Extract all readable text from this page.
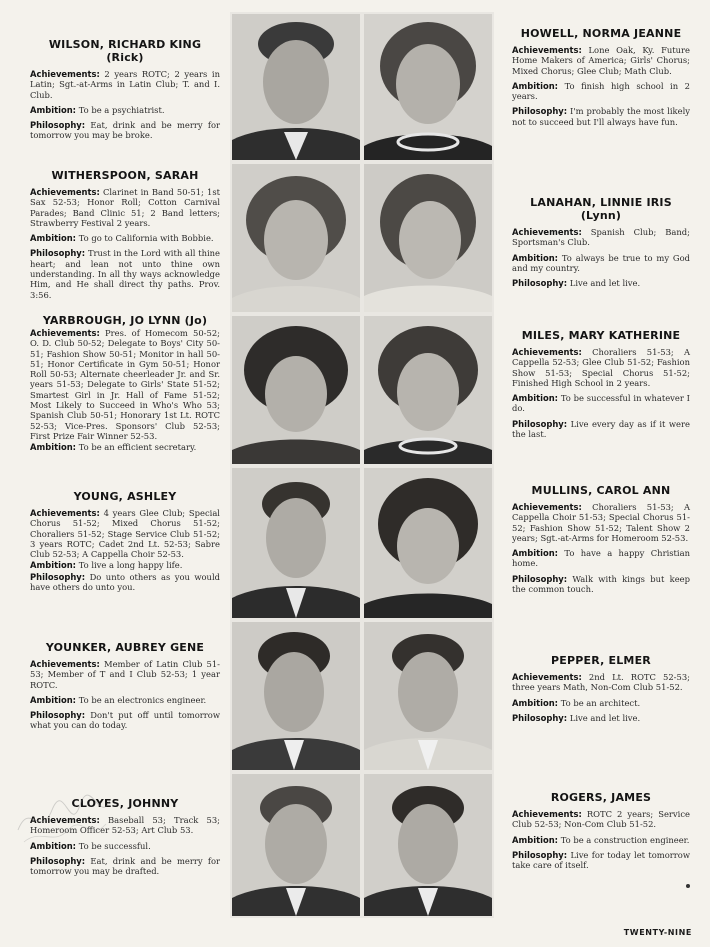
WILSON, RICHARD KING
(Rick)
Achievements: 2 years ROTC; 2 years in Latin; Sgt.-at-Arms in Latin Club; T. and I. Club.
Ambition: To be a psychiatrist.
Philosophy: Eat, drink and be merry for tomorrow you may be broke.
WITHERSPOON, SARAH
Achievements: Clarinet in Band 50-51; 1st Sax 52-53; Honor Roll; Cotton Carnival Parades; Band Clinic 51; 2 Band letters; Strawberry Festival 2 years.
Ambition: To go to California with Bobbie.
Philosophy: Trust in the Lord with all thine heart; and lean not unto thine own understanding. In all thy ways acknowledge Him, and He shall direct thy paths. Prov. 3:56.
YARBROUGH, JO LYNN (Jo)
Achievements: Pres. of Homecom 50-52; O. D. Club 50-52; Delegate to Boys' City 50-51; Fashion Show 50-51; Monitor in hall 50-51; Honor Certificate in Gym 50-51; Honor Roll 50-53; Alternate cheerleader Jr. and Sr. years 51-53; Delegate to Girls' State 51-52; Smartest Girl in Jr. Hall of Fame 51-52; Most Likely to Succeed in Who's Who 53; Spanish Club 50-51; Honorary 1st Lt. ROTC 52-53; Vice-Pres. Sponsors' Club 52-53; First Prize Fair Winner 52-53.
Ambition: To be an efficient secretary.
YOUNG, ASHLEY
Achievements: 4 years Glee Club; Special Chorus 51-52; Mixed Chorus 51-52; Choraliers 51-52; Stage Service Club 51-52; 3 years ROTC; Cadet 2nd Lt. 52-53; Sabre Club 52-53; A Cappella Choir 52-53.
Ambition: To live a long happy life.
Philosophy: Do unto others as you would have others do unto you.
YOUNKER, AUBREY GENE
Achievements: Member of Latin Club 51-53; Member of T and I Club 52-53; 1 year ROTC.
Ambition: To be an electronics engineer.
Philosophy: Don't put off until tomorrow what you can do today.
CLOYES, JOHNNY
Achievements: Baseball 53; Track 53; Homeroom Officer 52-53; Art Club 53.
Ambition: To be successful.
Philosophy: Eat, drink and be merry for tomorrow you may be drafted.
HOWELL, NORMA JEANNE
Achievements: Lone Oak, Ky. Future Home Makers of America; Girls' Chorus; Mixed Chorus; Glee Club; Math Club.
Ambition: To finish high school in 2 years.
Philosophy: I'm probably the most likely not to succeed but I'll always have fun.
LANAHAN, LINNIE IRIS (Lynn)
Achievements: Spanish Club; Band; Sportsman's Club.
Ambition: To always be true to my God and my country.
Philosophy: Live and let live.
MILES, MARY KATHERINE
Achievements: Choraliers 51-53; A Cappella 52-53; Glee Club 51-52; Fashion Show 51-53; Special Chorus 51-52; Finished High School in 2 years.
Ambition: To be successful in whatever I do.
Philosophy: Live every day as if it were the last.
MULLINS, CAROL ANN
Achievements: Choraliers 51-53; A Cappella Choir 51-53; Special Chorus 51-52; Fashion Show 51-52; Talent Show 2 years; Sgt.-at-Arms for Homeroom 52-53.
Ambition: To have a happy Christian home.
Philosophy: Walk with kings but keep the common touch.
PEPPER, ELMER
Achievements: 2nd Lt. ROTC 52-53; three years Math, Non-Com Club 51-52.
Ambition: To be an architect.
Philosophy: Live and let live.
ROGERS, JAMES
Achievements: ROTC 2 years; Service Club 52-53; Non-Com Club 51-52.
Ambition: To be a construction engineer.
Philosophy: Live for today let tomorrow take care of itself.
TWENTY-NINE
